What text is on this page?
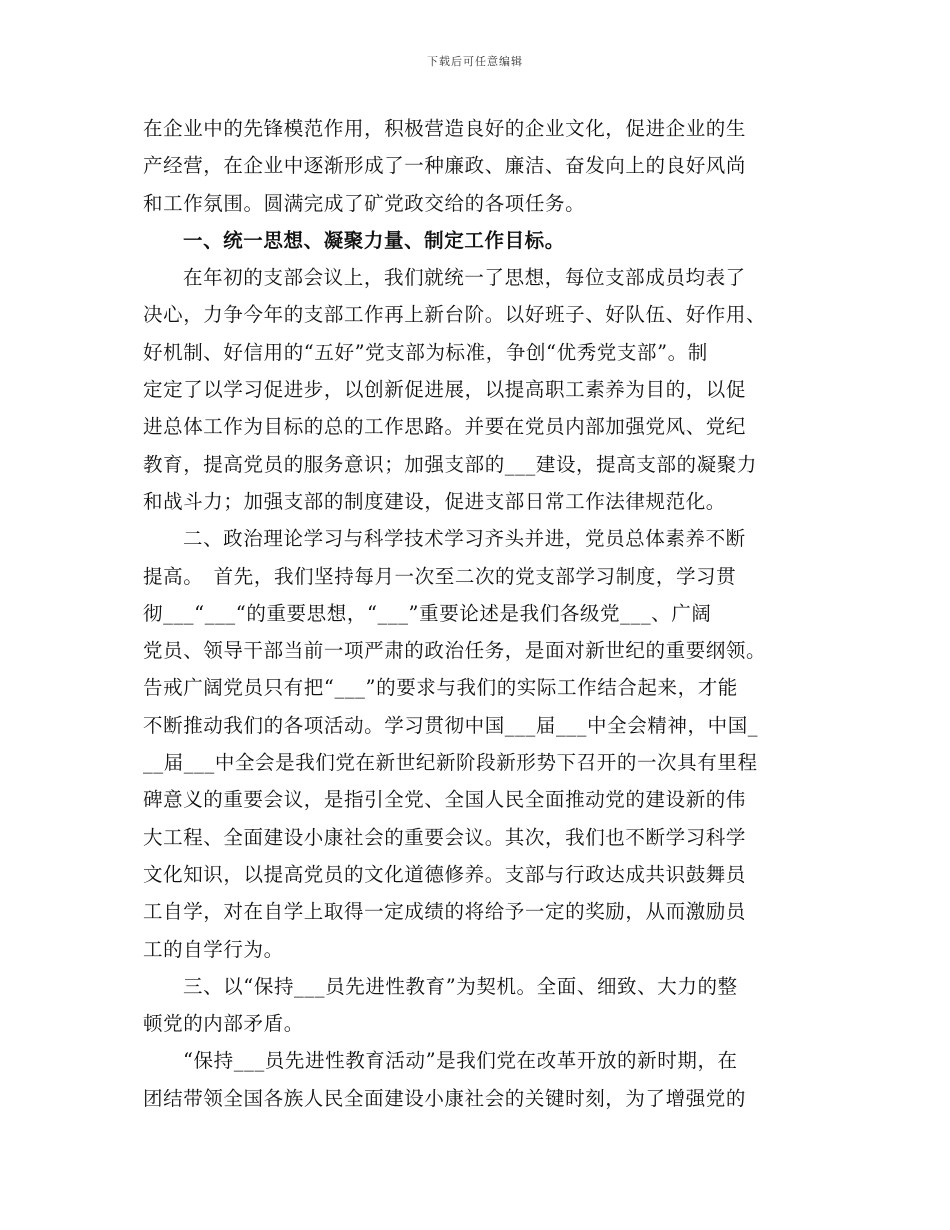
下载后可任意编辑
在企业中的先锋模范作用，积极营造良好的企业文化，促进企业的生
产经营，在企业中逐渐形成了一种廉政、廉洁、奋发向上的良好风尚
和工作氛围。圆满完成了矿党政交给的各项任务。
一、统一思想、凝聚力量、制定工作目标。
在年初的支部会议上，我们就统一了思想，每位支部成员均表了
决心，力争今年的支部工作再上新台阶。以好班子、好队伍、好作用、
好机制、好信用的“五好”党支部为标准，争创“优秀党支部”。制
定定了以学习促进步，以创新促进展，以提高职工素养为目的，以促
进总体工作为目标的总的工作思路。并要在党员内部加强党风、党纪
教育，提高党员的服务意识；加强支部的___建设，提高支部的凝聚力
和战斗力；加强支部的制度建设，促进支部日常工作法律规范化。
二、政治理论学习与科学技术学习齐头并进，党员总体素养不断
提高。　首先，我们坚持每月一次至二次的党支部学习制度，学习贯
彻___“___“的重要思想，“___”重要论述是我们各级党___、广阔
党员、领导干部当前一项严肃的政治任务，是面对新世纪的重要纲领。
告戒广阔党员只有把“___”的要求与我们的实际工作结合起来，才能
不断推动我们的各项活动。学习贯彻中国___届___中全会精神，中国_
__届___中全会是我们党在新世纪新阶段新形势下召开的一次具有里程
碑意义的重要会议，是指引全党、全国人民全面推动党的建设新的伟
大工程、全面建设小康社会的重要会议。其次，我们也不断学习科学
文化知识，以提高党员的文化道德修养。支部与行政达成共识鼓舞员
工自学，对在自学上取得一定成绩的将给予一定的奖励，从而激励员
工的自学行为。
三、以“保持___员先进性教育”为契机。全面、细致、大力的整
顿党的内部矛盾。
“保持___员先进性教育活动”是我们党在改革开放的新时期，在
团结带领全国各族人民全面建设小康社会的关键时刻，为了增强党的
